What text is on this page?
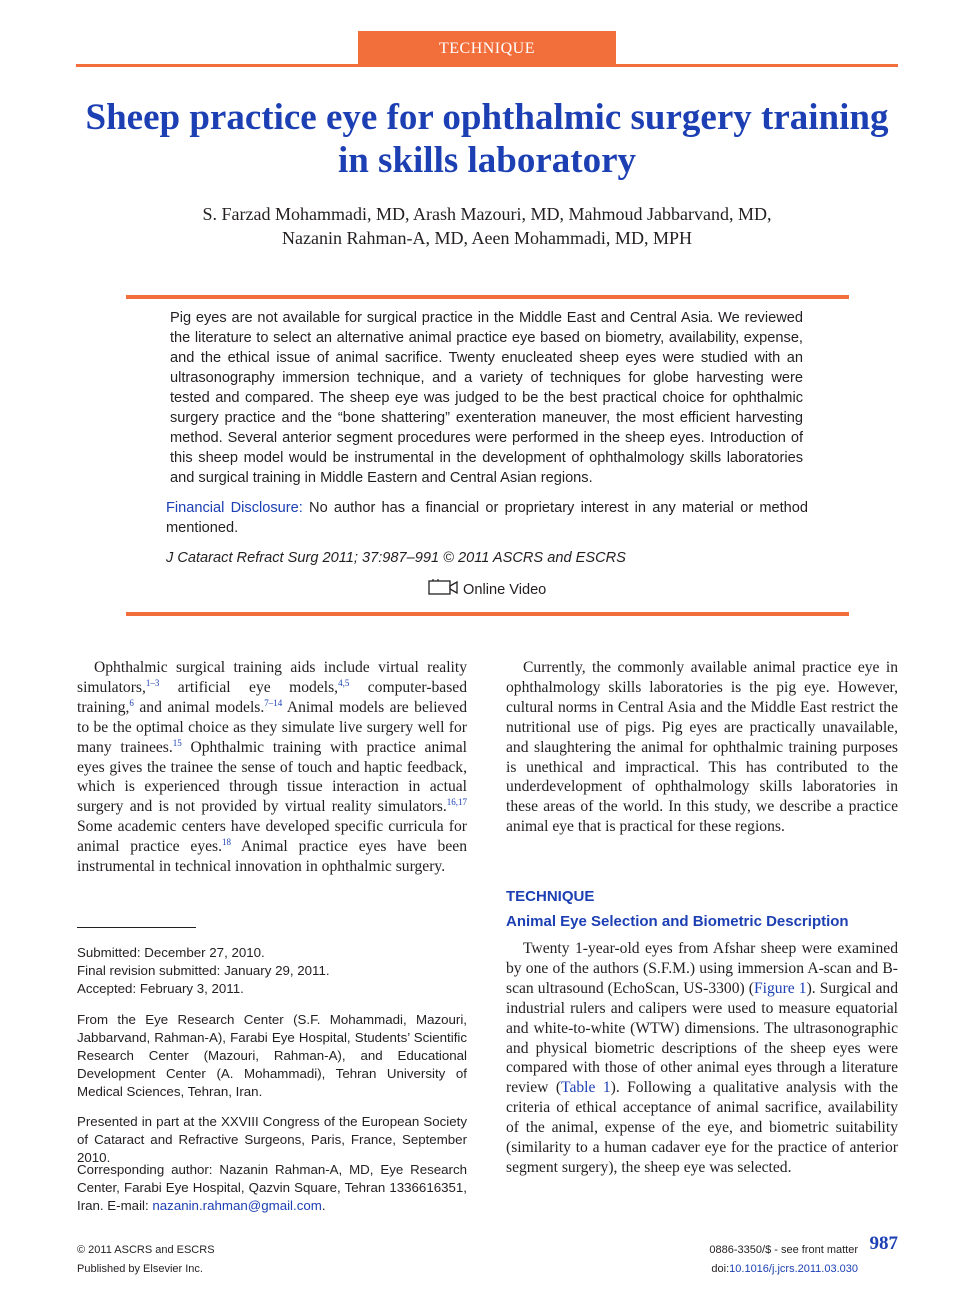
TECHNIQUE
Sheep practice eye for ophthalmic surgery training in skills laboratory
S. Farzad Mohammadi, MD, Arash Mazouri, MD, Mahmoud Jabbarvand, MD,
Nazanin Rahman-A, MD, Aeen Mohammadi, MD, MPH
Pig eyes are not available for surgical practice in the Middle East and Central Asia. We reviewed the literature to select an alternative animal practice eye based on biometry, availability, expense, and the ethical issue of animal sacrifice. Twenty enucleated sheep eyes were studied with an ultrasonography immersion technique, and a variety of techniques for globe harvesting were tested and compared. The sheep eye was judged to be the best practical choice for ophthalmic surgery practice and the “bone shattering” exenteration maneuver, the most efficient harvesting method. Several anterior segment procedures were performed in the sheep eyes. Introduction of this sheep model would be instrumental in the development of ophthalmology skills laboratories and surgical training in Middle Eastern and Central Asian regions.
Financial Disclosure: No author has a financial or proprietary interest in any material or method mentioned.
J Cataract Refract Surg 2011; 37:987–991 © 2011 ASCRS and ESCRS
Online Video
Ophthalmic surgical training aids include virtual reality simulators,$^{1-3}$ artificial eye models,$^{4,5}$ computer-based training,$^6$ and animal models.$^{7-14}$ Animal models are believed to be the optimal choice as they simulate live surgery well for many trainees.$^{15}$ Ophthalmic training with practice animal eyes gives the trainee the sense of touch and haptic feedback, which is experienced through tissue interaction in actual surgery and is not provided by virtual reality simulators.$^{16,17}$ Some academic centers have developed specific curricula for animal practice eyes.$^{18}$ Animal practice eyes have been instrumental in technical innovation in ophthalmic surgery.
Currently, the commonly available animal practice eye in ophthalmology skills laboratories is the pig eye. However, cultural norms in Central Asia and the Middle East restrict the nutritional use of pigs. Pig eyes are practically unavailable, and slaughtering the animal for ophthalmic training purposes is unethical and impractical. This has contributed to the underdevelopment of ophthalmology skills laboratories in these areas of the world. In this study, we describe a practice animal eye that is practical for these regions.
TECHNIQUE
Animal Eye Selection and Biometric Description
Twenty 1-year-old eyes from Afshar sheep were examined by one of the authors (S.F.M.) using immersion A-scan and B-scan ultrasound (EchoScan, US-3300) (Figure 1). Surgical and industrial rulers and calipers were used to measure equatorial and white-to-white (WTW) dimensions. The ultrasonographic and physical biometric descriptions of the sheep eyes were compared with those of other animal eyes through a literature review (Table 1). Following a qualitative analysis with the criteria of ethical acceptance of animal sacrifice, availability of the animal, expense of the eye, and biometric suitability (similarity to a human cadaver eye for the practice of anterior segment surgery), the sheep eye was selected.
Submitted: December 27, 2010.
Final revision submitted: January 29, 2011.
Accepted: February 3, 2011.
From the Eye Research Center (S.F. Mohammadi, Mazouri, Jabbarvand, Rahman-A), Farabi Eye Hospital, Students’ Scientific Research Center (Mazouri, Rahman-A), and Educational Development Center (A. Mohammadi), Tehran University of Medical Sciences, Tehran, Iran.
Presented in part at the XXVIII Congress of the European Society of Cataract and Refractive Surgeons, Paris, France, September 2010.
Corresponding author: Nazanin Rahman-A, MD, Eye Research Center, Farabi Eye Hospital, Qazvin Square, Tehran 1336616351, Iran. E-mail: nazanin.rahman@gmail.com.
© 2011 ASCRS and ESCRS
Published by Elsevier Inc.
0886-3350/$ - see front matter
doi:10.1016/j.jcrs.2011.03.030
987
